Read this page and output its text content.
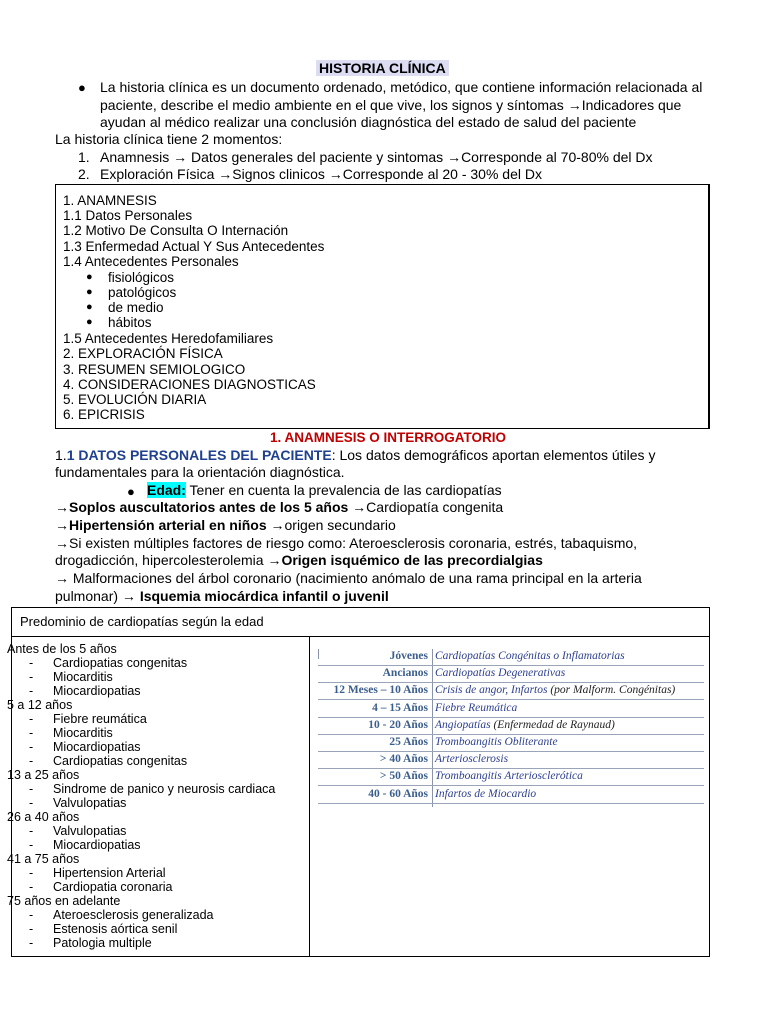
HISTORIA CLÍNICA
● La historia clínica es un documento ordenado, metódico, que contiene información relacionada al paciente, describe el medio ambiente en el que vive, los signos y síntomas →Indicadores que ayudan al médico realizar una conclusión diagnóstica del estado de salud del paciente
La historia clínica tiene 2 momentos:
1. Anamnesis → Datos generales del paciente y sintomas →Corresponde al 70-80% del Dx
2. Exploración Física →Signos clinicos →Corresponde al 20 - 30% del Dx
1. ANAMNESIS
1.1 Datos Personales
1.2 Motivo De Consulta O Internación
1.3 Enfermedad Actual Y Sus Antecedentes
1.4 Antecedentes Personales
● fisiológicos
● patológicos
● de medio
● hábitos
1.5 Antecedentes Heredofamiliares
2. EXPLORACIÓN FÍSICA
3. RESUMEN SEMIOLOGICO
4. CONSIDERACIONES DIAGNOSTICAS
5. EVOLUCIÓN DIARIA
6. EPICRISIS
1. ANAMNESIS O INTERROGATORIO
1.1 DATOS PERSONALES DEL PACIENTE: Los datos demográficos aportan elementos útiles y
fundamentales para la orientación diagnóstica.
● Edad: Tener en cuenta la prevalencia de las cardiopatías
→Soplos auscultatorios antes de los 5 años →Cardiopatía congenita
→Hipertensión arterial en niños →origen secundario
→Si existen múltiples factores de riesgo como: Ateroesclerosis coronaria, estrés, tabaquismo,
drogadicción, hipercolesterolemia →Origen isquémico de las precordialgias
→ Malformaciones del árbol coronario (nacimiento anómalo de una rama principal en la arteria
pulmonar) → Isquemia miocárdica infantil o juvenil
Predominio de cardiopatías según la edad
Antes de los 5 años
- Cardiopatias congenitas
- Miocarditis
- Miocardiopatias
5 a 12 años
- Fiebre reumática
- Miocarditis
- Miocardiopatias
- Cardiopatias congenitas
13 a 25 años
- Sindrome de panico y neurosis cardiaca
- Valvulopatias
26 a 40 años
- Valvulopatias
- Miocardiopatias
41 a 75 años
- Hipertension Arterial
- Cardiopatia coronaria
75 años en adelante
- Ateroesclerosis generalizada
- Estenosis aórtica senil
- Patologia multiple
Jóvenes Cardiopatías Congénitas o Inflamatorias
Ancianos Cardiopatías Degenerativas
12 Meses – 10 Años Crisis de angor, Infartos (por Malform. Congénitas)
4 – 15 Años Fiebre Reumática
10 - 20 Años Angiopatías (Enfermedad de Raynaud)
25 Años Tromboangitis Obliterante
> 40 Años Arteriosclerosis
> 50 Años Tromboangitis Arteriosclerótica
40 - 60 Años Infartos de Miocardio
